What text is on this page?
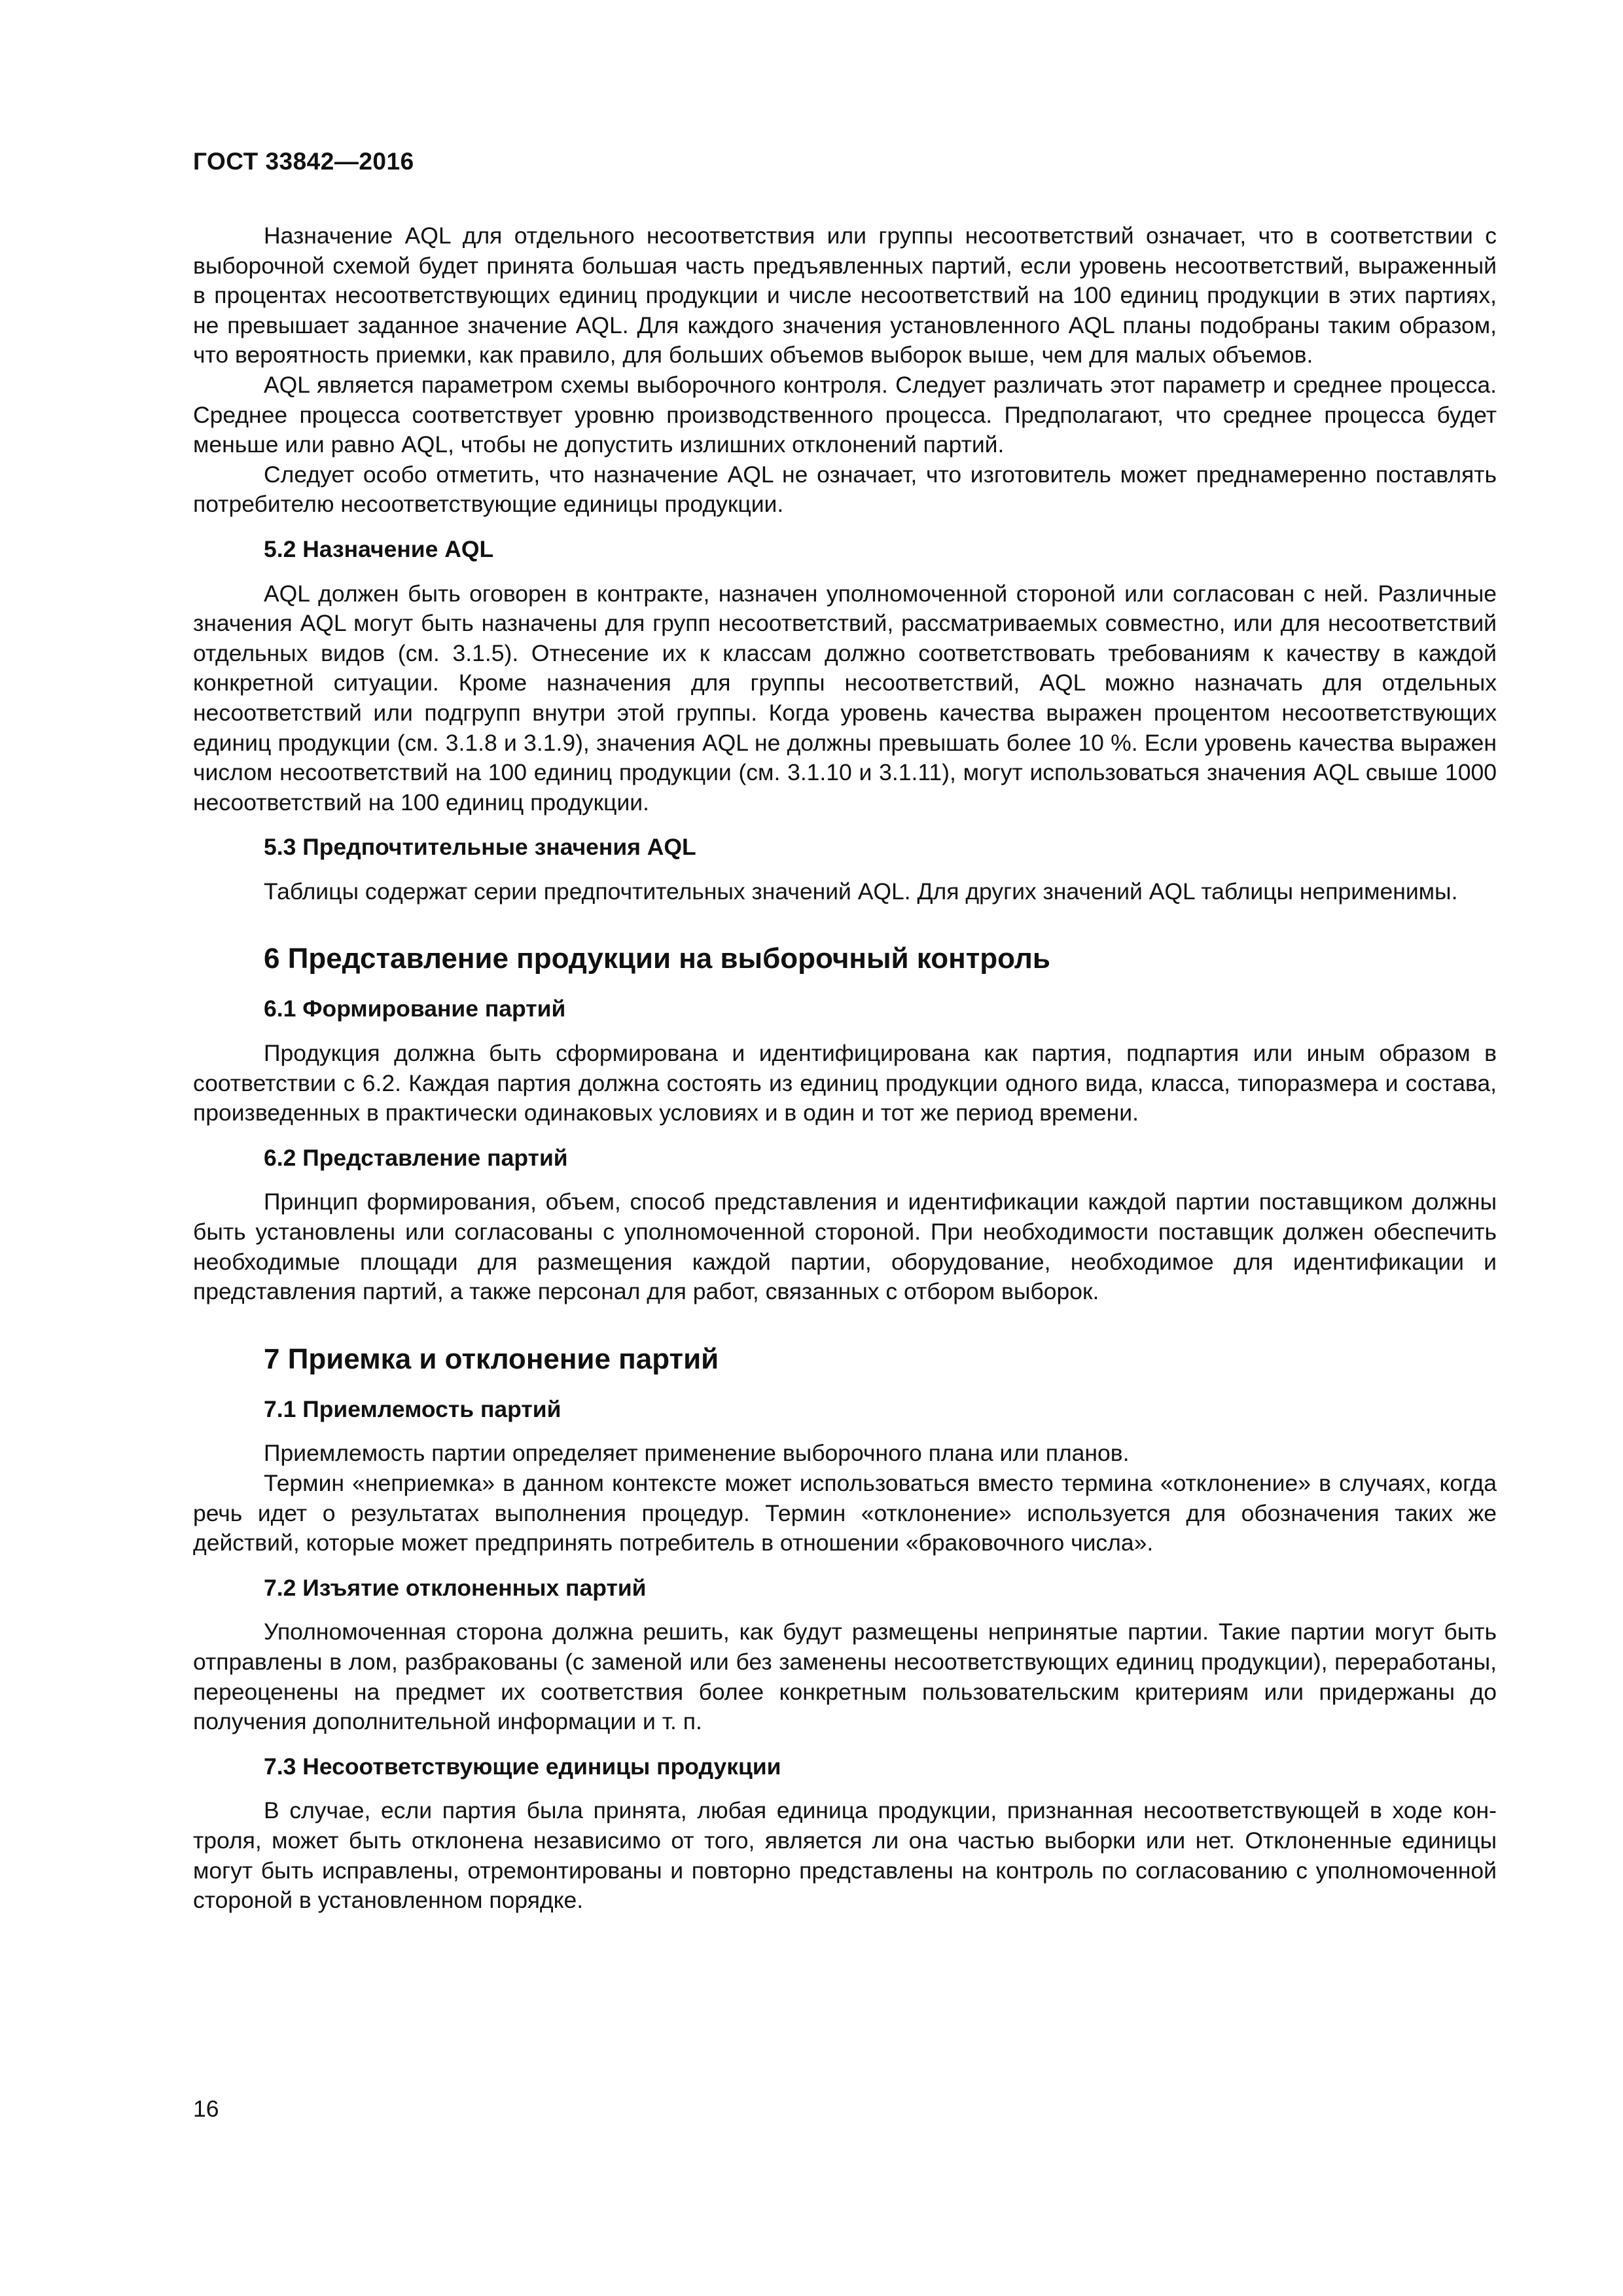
ГОСТ 33842—2016

Назначение AQL для отдельного несоответствия или группы несоответствий означает, что в соответствии с выборочной схемой будет принята большая часть предъявленных партий, если уровень несоответствий, выраженный в процентах несоответствующих единиц продукции и числе несоответствий на 100 единиц продукции в этих партиях, не превышает заданное значение AQL. Для каждого значения установленного AQL планы подобраны таким образом, что вероятность приемки, как правило, для больших объемов выборок выше, чем для малых объемов.

AQL является параметром схемы выборочного контроля. Следует различать этот параметр и среднее процесса. Среднее процесса соответствует уровню производственного процесса. Предполагают, что среднее процесса будет меньше или равно AQL, чтобы не допустить излишних отклонений партий.

Следует особо отметить, что назначение AQL не означает, что изготовитель может преднамеренно поставлять потребителю несоответствующие единицы продукции.

5.2 Назначение AQL

AQL должен быть оговорен в контракте, назначен уполномоченной стороной или согласован с ней. Различные значения AQL могут быть назначены для групп несоответствий, рассматриваемых совместно, или для несоответствий отдельных видов (см. 3.1.5). Отнесение их к классам должно соответствовать требованиям к качеству в каждой конкретной ситуации. Кроме назначения для группы несоответствий, AQL можно назначать для отдельных несоответствий или подгрупп внутри этой группы. Когда уровень качества выражен процентом несоответствующих единиц продукции (см. 3.1.8 и 3.1.9), значения AQL не должны превышать более 10 %. Если уровень качества выражен числом несоответствий на 100 единиц продукции (см. 3.1.10 и 3.1.11), могут использоваться значения AQL свыше 1000 несоответствий на 100 единиц продукции.

5.3 Предпочтительные значения AQL

Таблицы содержат серии предпочтительных значений AQL. Для других значений AQL таблицы неприменимы.

6 Представление продукции на выборочный контроль
6.1 Формирование партий

Продукция должна быть сформирована и идентифицирована как партия, подпартия или иным образом в соответствии с 6.2. Каждая партия должна состоять из единиц продукции одного вида, класса, типоразмера и состава, произведенных в практически одинаковых условиях и в один и тот же период времени.

6.2 Представление партий

Принцип формирования, объем, способ представления и идентификации каждой партии поставщиком должны быть установлены или согласованы с уполномоченной стороной. При необходимости поставщик должен обеспечить необходимые площади для размещения каждой партии, оборудование, необходимое для идентификации и представления партий, а также персонал для работ, связанных с отбором выборок.

7 Приемка и отклонение партий
7.1 Приемлемость партий

Приемлемость партии определяет применение выборочного плана или планов.

Термин «неприемка» в данном контексте может использоваться вместо термина «отклонение» в случаях, когда речь идет о результатах выполнения процедур. Термин «отклонение» используется для обозначения таких же действий, которые может предпринять потребитель в отношении «браковочного числа».

7.2 Изъятие отклоненных партий

Уполномоченная сторона должна решить, как будут размещены непринятые партии. Такие партии могут быть отправлены в лом, разбракованы (с заменой или без заменены несоответствующих единиц продукции), переработаны, переоценены на предмет их соответствия более конкретным пользовательским критериям или придержаны до получения дополнительной информации и т. п.

7.3 Несоответствующие единицы продукции

В случае, если партия была принята, любая единица продукции, признанная несоответствующей в ходе контроля, может быть отклонена независимо от того, является ли она частью выборки или нет. Отклоненные единицы могут быть исправлены, отремонтированы и повторно представлены на контроль по согласованию с уполномоченной стороной в установленном порядке.

16
